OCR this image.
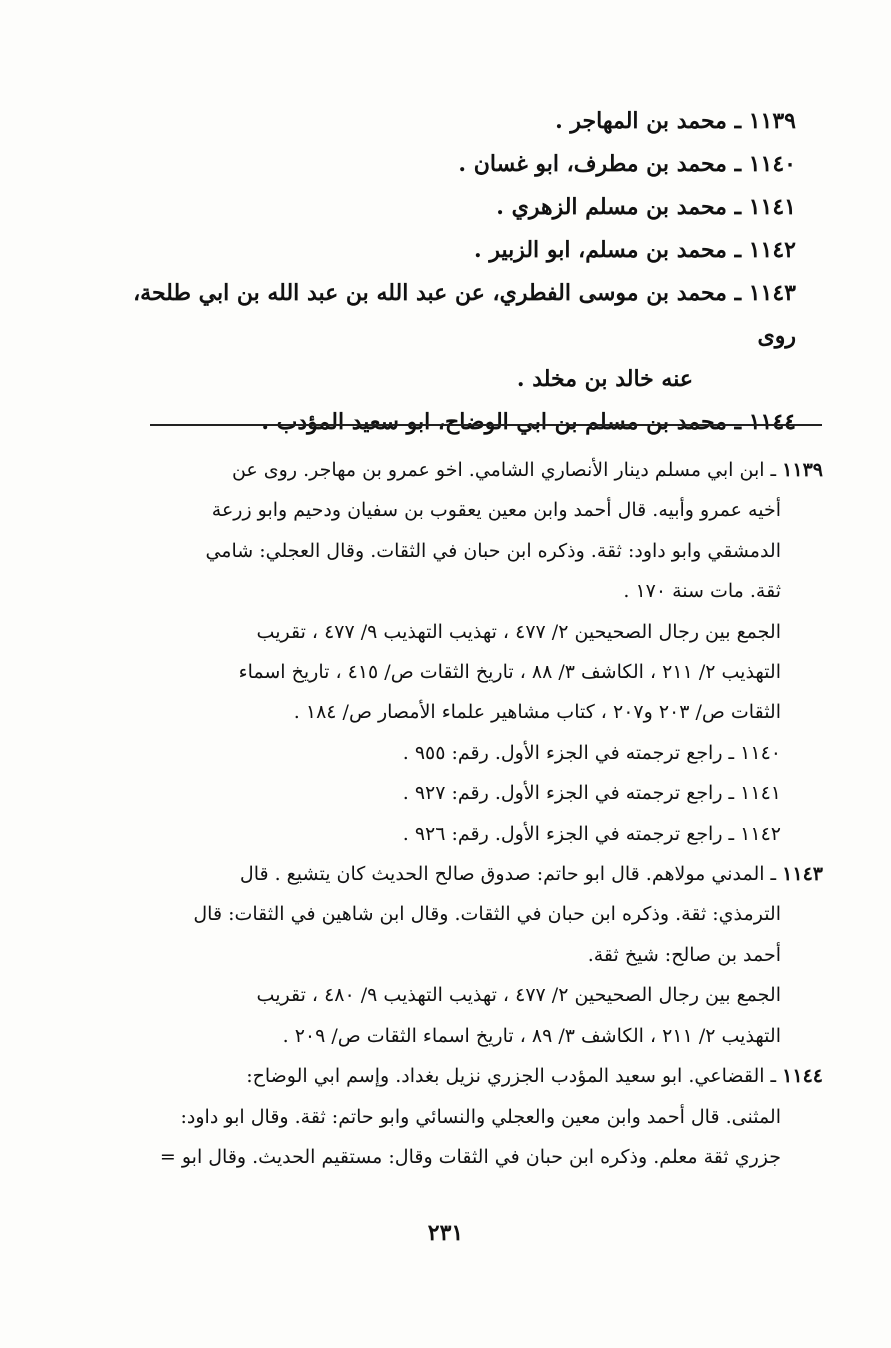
١١٣٩ ـ محمد بن المهاجر .
١١٤٠ ـ محمد بن مطرف، ابو غسان .
١١٤١ ـ محمد بن مسلم الزهري .
١١٤٢ ـ محمد بن مسلم، ابو الزبير .
١١٤٣ ـ محمد بن موسى الفطري، عن عبد الله بن عبد الله بن ابي طلحة، روى
عنه خالد بن مخلد .
١١٤٤ ـ محمد بن مسلم بن ابي الوضاح، ابو سعيد المؤدب .
١١٣٩ ـ ابن ابي مسلم دينار الأنصاري الشامي. اخو عمرو بن مهاجر. روى عن
أخيه عمرو وأبيه. قال أحمد وابن معين يعقوب بن سفيان ودحيم وابو زرعة
الدمشقي وابو داود: ثقة. وذكره ابن حبان في الثقات. وقال العجلي: شامي
ثقة. مات سنة ١٧٠ .
الجمع بين رجال الصحيحين ٢/ ٤٧٧ ، تهذيب التهذيب ٩/ ٤٧٧ ، تقريب
التهذيب ٢/ ٢١١ ، الكاشف ٣/ ٨٨ ، تاريخ الثقات ص/ ٤١٥ ، تاريخ اسماء
الثقات ص/ ٢٠٣ و٢٠٧ ، كتاب مشاهير علماء الأمصار ص/ ١٨٤ .
١١٤٠ ـ راجع ترجمته في الجزء الأول. رقم: ٩٥٥ .
١١٤١ ـ راجع ترجمته في الجزء الأول. رقم: ٩٢٧ .
١١٤٢ ـ راجع ترجمته في الجزء الأول. رقم: ٩٢٦ .
١١٤٣ ـ المدني مولاهم. قال ابو حاتم: صدوق صالح الحديث كان يتشيع . قال
الترمذي: ثقة. وذكره ابن حبان في الثقات. وقال ابن شاهين في الثقات: قال
أحمد بن صالح: شيخ ثقة.
الجمع بين رجال الصحيحين ٢/ ٤٧٧ ، تهذيب التهذيب ٩/ ٤٨٠ ، تقريب
التهذيب ٢/ ٢١١ ، الكاشف ٣/ ٨٩ ، تاريخ اسماء الثقات ص/ ٢٠٩ .
١١٤٤ ـ القضاعي. ابو سعيد المؤدب الجزري نزيل بغداد. وإسم ابي الوضاح:
المثنى. قال أحمد وابن معين والعجلي والنسائي وابو حاتم: ثقة. وقال ابو داود:
جزري ثقة معلم. وذكره ابن حبان في الثقات وقال: مستقيم الحديث. وقال ابو =
٢٣١
